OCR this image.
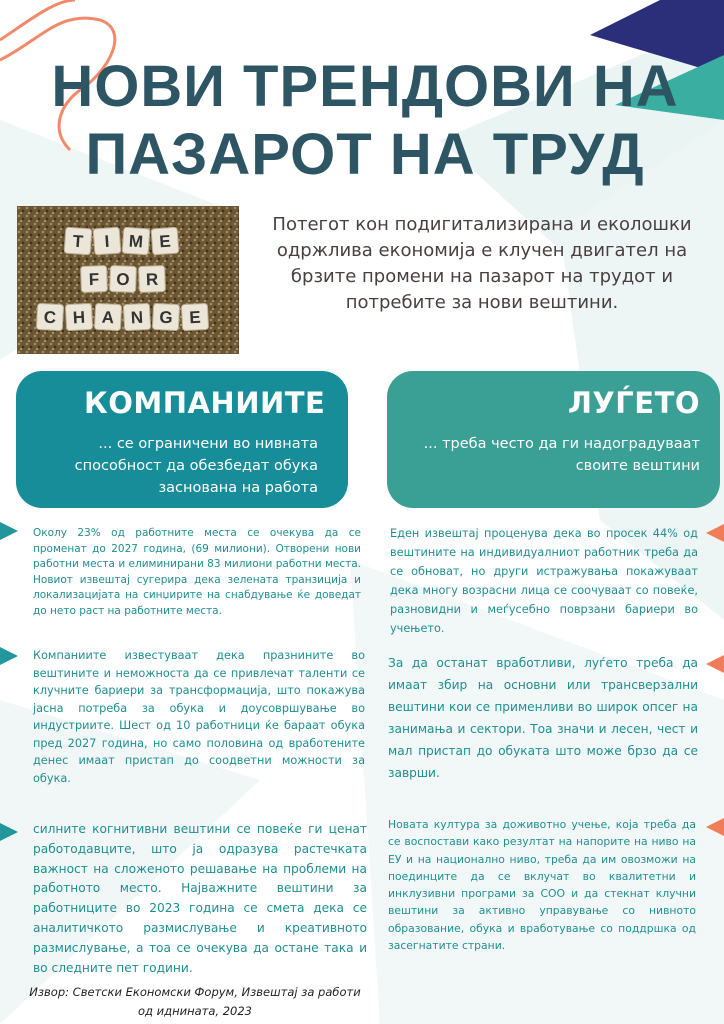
НОВИ ТРЕНДОВИ НА
ПАЗАРОТ НА ТРУД
T I M E
F O R
C H A N G E

Потегот кон подигитализирана и еколошки одржлива економија е клучен двигател на брзите промени на пазарот на трудот и потребите за нови вештини.

КОМПАНИИТЕ

... се ограничени во нивната способност да обезбедат обука заснована на работа

ЛУЃЕТО

... треба често да ги надоградуваат своите вештини

Околу 23% од работните места се очекува да се променат до 2027 година, (69 милиони). Отворени нови работни места и елиминирани 83 милиони работни места. Новиот извештај сугерира дека зелената транзиција и локализацијата на синџирите на снабдување ќе доведат до нето раст на работните места.

Компаниите известуваат дека празнините во вештините и неможноста да се привлечат таленти се клучните бариери за трансформација, што покажува јасна потреба за обука и доусовршување во индустриите. Шест од 10 работници ќе бараат обука пред 2027 година, но само половина од вработените денес имаат пристап до соодветни можности за обука.

силните когнитивни вештини се повеќе ги ценат работодавците, што ја одразува растечката важност на сложеното решавање на проблеми на работното место. Најважните вештини за работниците во 2023 година се смета дека се аналитичкото размислување и креативното размислување, а тоа се очекува да остане така и во следните пет години.

Еден извештај проценува дека во просек 44% од вештините на индивидуалниот работник треба да се обноват, но други истражувања покажуваат дека многу возрасни лица се соочуваат со повеќе, разновидни и меѓусебно поврзани бариери во учењето.

За да останат вработливи, луѓето треба да имаат збир на основни или трансверзални вештини кои се применливи во широк опсег на занимања и сектори. Тоа значи и лесен, чест и мал пристап до обуката што може брзо да се заврши.

Новата култура за доживотно учење, која треба да се воспостави како резултат на напорите на ниво на ЕУ и на национално ниво, треба да им овозможи на поединците да се вклучат во квалитетни и инклузивни програми за СОО и да стекнат клучни вештини за активно управување со нивното образование, обука и вработување со поддршка од засегнатите страни.

Извор: Светски Економски Форум, Извештај за работи од иднината, 2023
